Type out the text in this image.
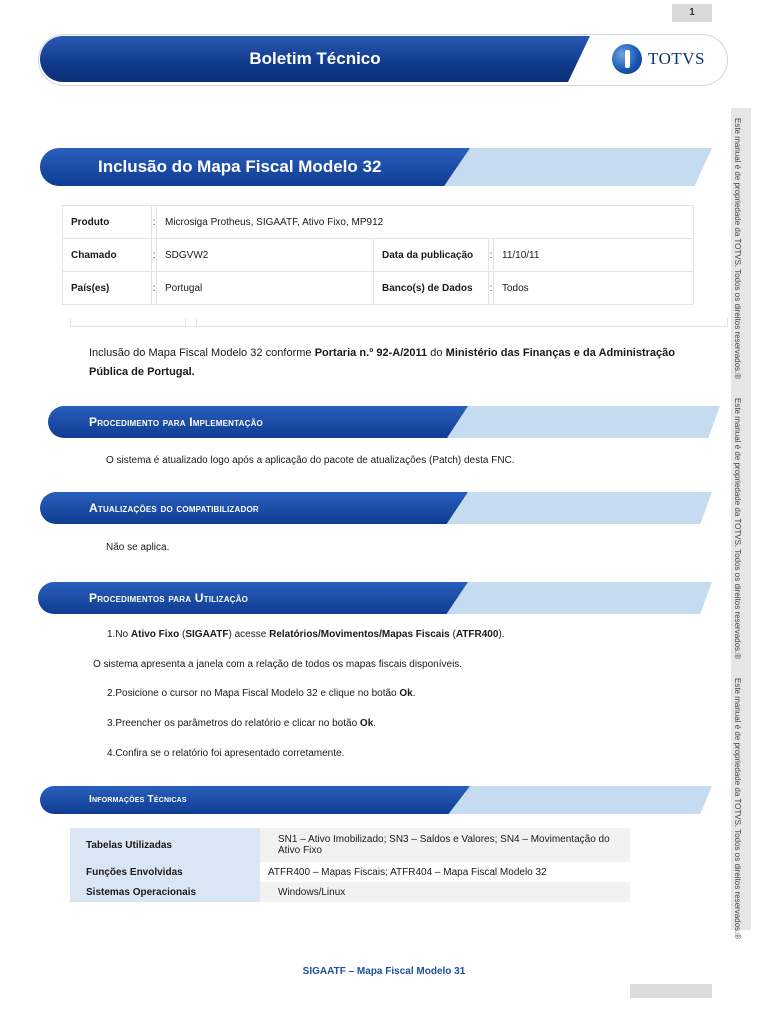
1
Boletim Técnico	TOTVS
Este manual é de propriedade da TOTVS. Todos os direitos reservados.®
Este manual é de propriedade da TOTVS. Todos os direitos reservados.®
Este manual é de propriedade da TOTVS. Todos os direitos reservados.®
Inclusão do Mapa Fiscal Modelo 32
Produto	:	Microsiga Protheus, SIGAATF, Ativo Fixo, MP912			
Chamado	:	SDGVW2	Data da publicação	:	11/10/11
País(es)	:	Portugal	Banco(s) de Dados	:	Todos
Inclusão do Mapa Fiscal Modelo 32 conforme Portaria n.º 92-A/2011 do Ministério das Finanças e da Administração Pública de Portugal.
Procedimento para Implementação
O sistema é atualizado logo após a aplicação do pacote de atualizações (Patch) desta FNC.
Atualizações do compatibilizador
Não se aplica.
Procedimentos para Utilização
1.No Ativo Fixo (SIGAATF) acesse Relatórios/Movimentos/Mapas Fiscais (ATFR400).
O sistema apresenta a janela com a relação de todos os mapas fiscais disponíveis.
2.Posicione o cursor no Mapa Fiscal Modelo 32 e clique no botão Ok.
3.Preencher os parâmetros do relatório e clicar no botão Ok.
4.Confira se o relatório foi apresentado corretamente.
Informações Técnicas
Tabelas Utilizadas	SN1 – Ativo Imobilizado; SN3 – Saldos e Valores; SN4 – Movimentação do Ativo Fixo
Funções Envolvidas	ATFR400 – Mapas Fiscais; ATFR404 – Mapa Fiscal Modelo 32
Sistemas Operacionais	Windows/Linux
SIGAATF – Mapa Fiscal Modelo 31
